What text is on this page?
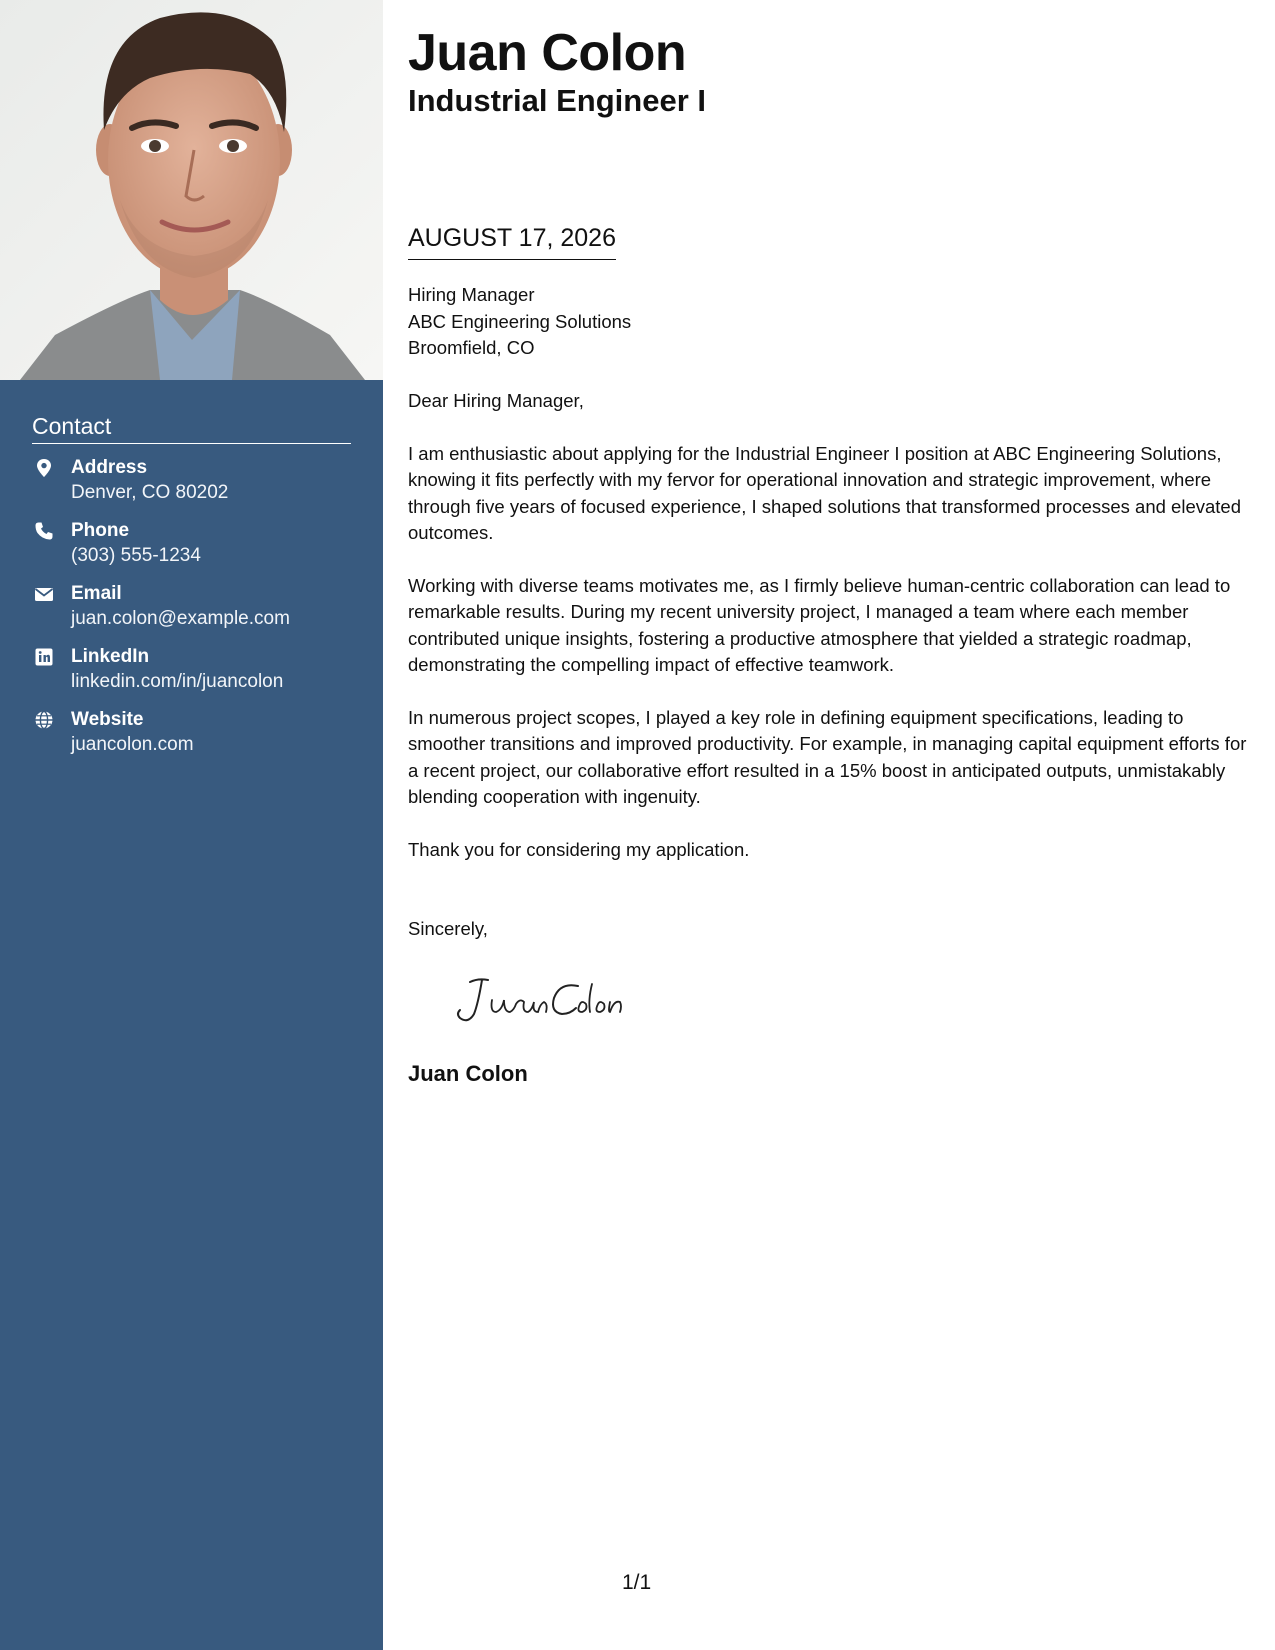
Contact
Address
Denver, CO 80202
Phone
(303) 555-1234
Email
juan.colon@example.com
LinkedIn
linkedin.com/in/juancolon
Website
juancolon.com
Juan Colon
Industrial Engineer I
AUGUST 17, 2026
Hiring Manager
ABC Engineering Solutions
Broomfield, CO

Dear Hiring Manager,

I am enthusiastic about applying for the Industrial Engineer I position at ABC Engineering Solutions, knowing it fits perfectly with my fervor for operational innovation and strategic improvement, where through five years of focused experience, I shaped solutions that transformed processes and elevated outcomes.

Working with diverse teams motivates me, as I firmly believe human-centric collaboration can lead to remarkable results. During my recent university project, I managed a team where each member contributed unique insights, fostering a productive atmosphere that yielded a strategic roadmap, demonstrating the compelling impact of effective teamwork.

In numerous project scopes, I played a key role in defining equipment specifications, leading to smoother transitions and improved productivity. For example, in managing capital equipment efforts for a recent project, our collaborative effort resulted in a 15% boost in anticipated outputs, unmistakably blending cooperation with ingenuity.

Thank you for considering my application.

Sincerely,
Juan Colon
1/1
